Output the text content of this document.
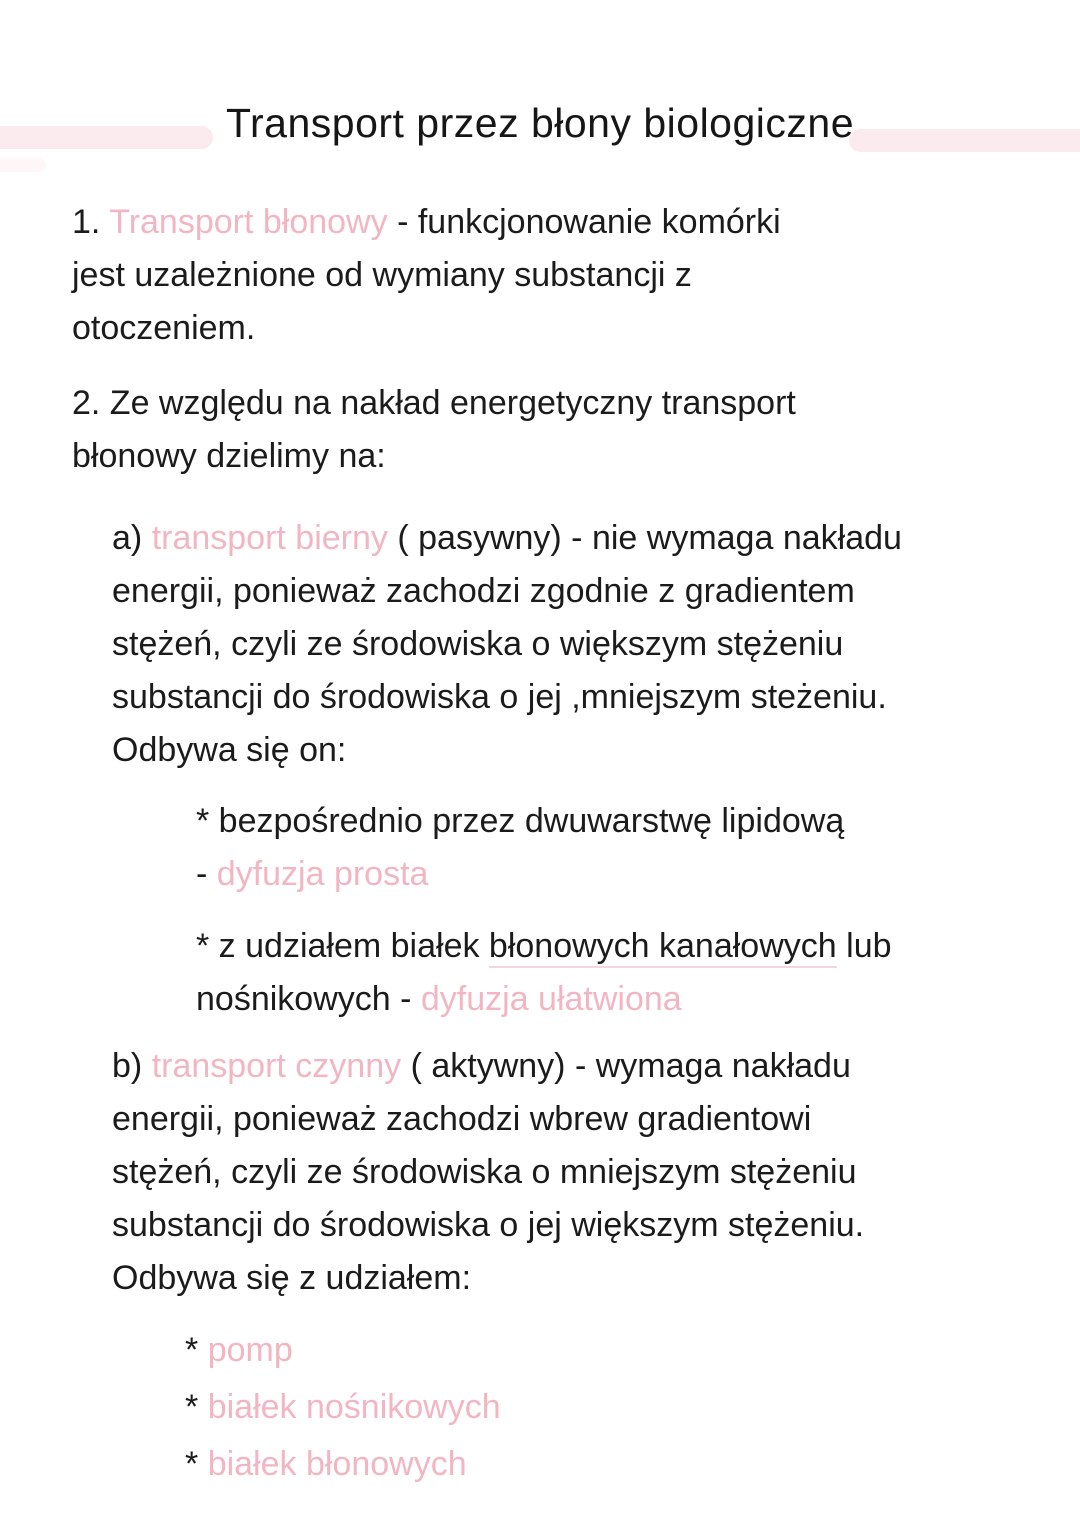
Transport przez błony biologiczne
1. Transport błonowy - funkcjonowanie komórki
jest uzależnione od wymiany substancji z
otoczeniem.
2. Ze względu na nakład energetyczny transport
błonowy dzielimy na:
a) transport bierny ( pasywny) - nie wymaga nakładu
energii, ponieważ zachodzi zgodnie z gradientem
stężeń, czyli ze środowiska o większym stężeniu
substancji do środowiska o jej ,mniejszym steżeniu.
Odbywa się on:
* bezpośrednio przez dwuwarstwę lipidową
- dyfuzja prosta
* z udziałem białek błonowych kanałowych lub
nośnikowych - dyfuzja ułatwiona
b) transport czynny ( aktywny) - wymaga nakładu
energii, ponieważ zachodzi wbrew gradientowi
stężeń, czyli ze środowiska o mniejszym stężeniu
substancji do środowiska o jej większym stężeniu.
Odbywa się z udziałem:
* pomp
* białek nośnikowych
* białek błonowych
